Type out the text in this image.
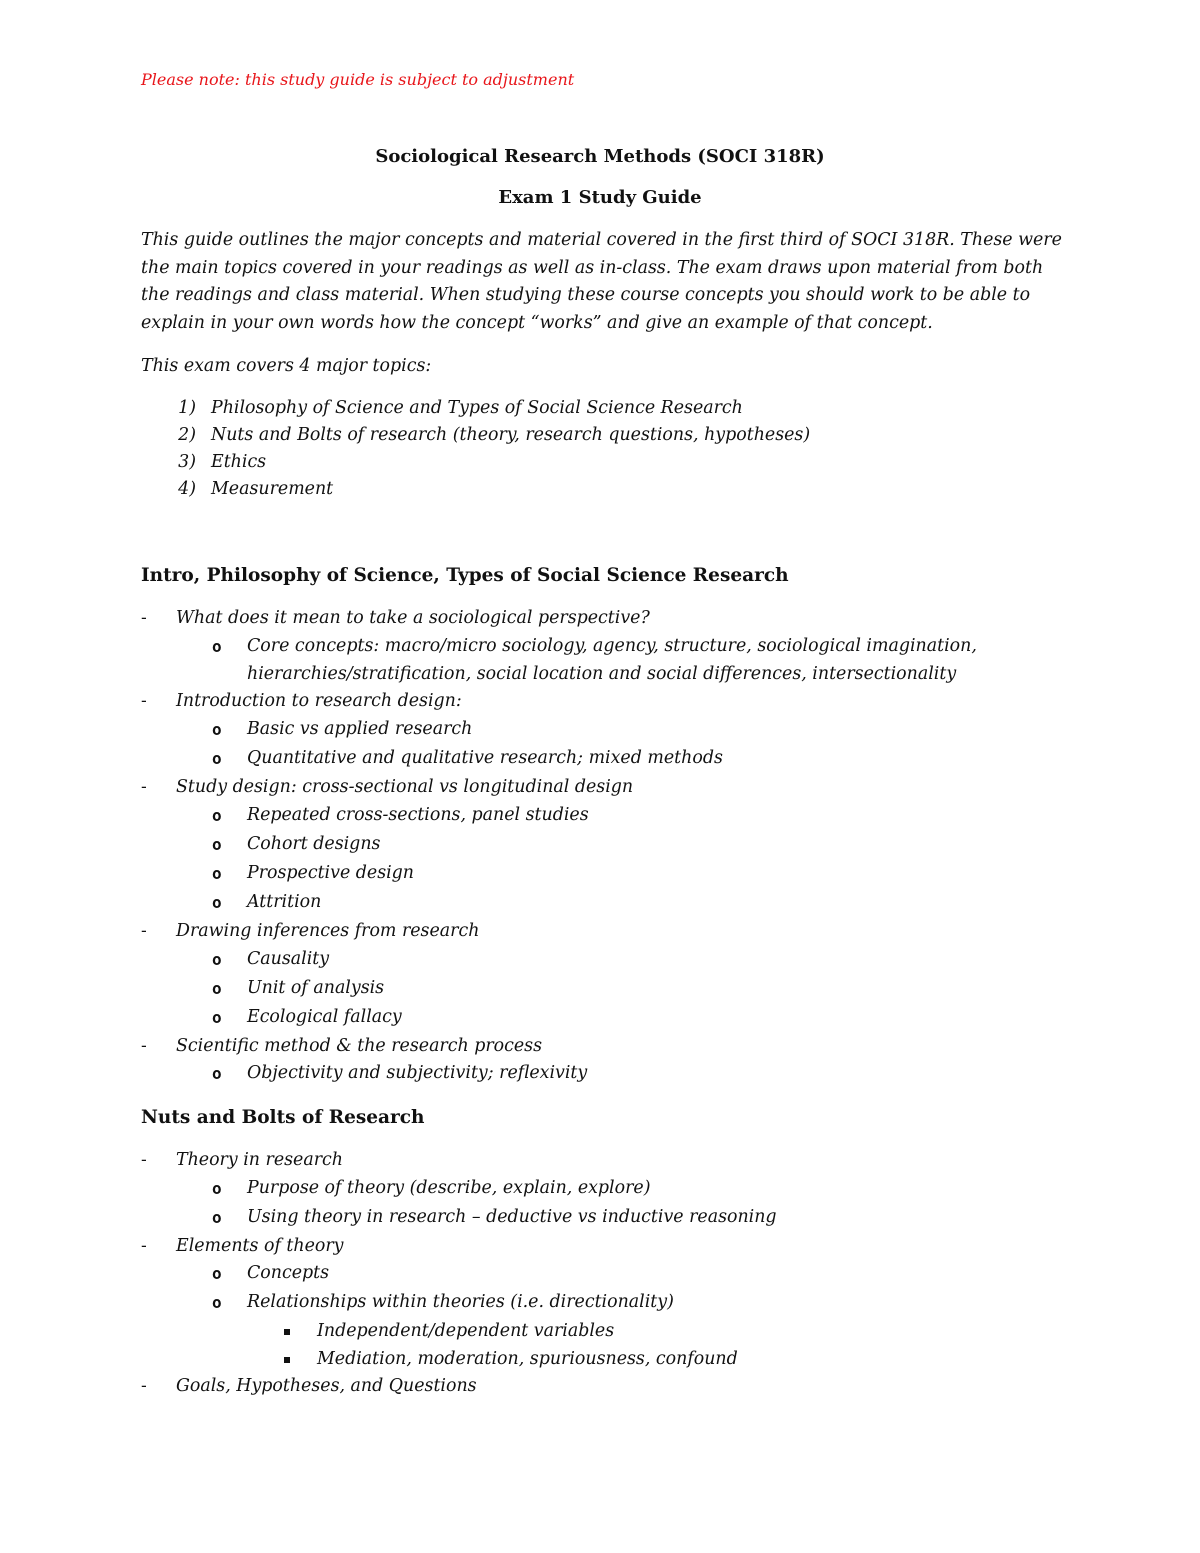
Please note: this study guide is subject to adjustment
Sociological Research Methods (SOCI 318R)
Exam 1 Study Guide
This guide outlines the major concepts and material covered in the first third of SOCI 318R. These were
the main topics covered in your readings as well as in-class. The exam draws upon material from both
the readings and class material. When studying these course concepts you should work to be able to
explain in your own words how the concept “works” and give an example of that concept.
This exam covers 4 major topics:
1) Philosophy of Science and Types of Social Science Research
2) Nuts and Bolts of research (theory, research questions, hypotheses)
3) Ethics
4) Measurement
Intro, Philosophy of Science, Types of Social Science Research
-	What does it mean to take a sociological perspective?
o Core concepts: macro/micro sociology, agency, structure, sociological imagination,
hierarchies/stratification, social location and social differences, intersectionality
-	Introduction to research design:
o Basic vs applied research
o Quantitative and qualitative research; mixed methods
-	Study design: cross-sectional vs longitudinal design
o Repeated cross-sections, panel studies
o Cohort designs
o Prospective design
o Attrition
-	Drawing inferences from research
o Causality
o Unit of analysis
o Ecological fallacy
-	Scientific method & the research process
o Objectivity and subjectivity; reflexivity
Nuts and Bolts of Research
-	Theory in research
o Purpose of theory (describe, explain, explore)
o Using theory in research – deductive vs inductive reasoning
-	Elements of theory
o Concepts
o Relationships within theories (i.e. directionality)
Independent/dependent variables
Mediation, moderation, spuriousness, confound
-	Goals, Hypotheses, and Questions
